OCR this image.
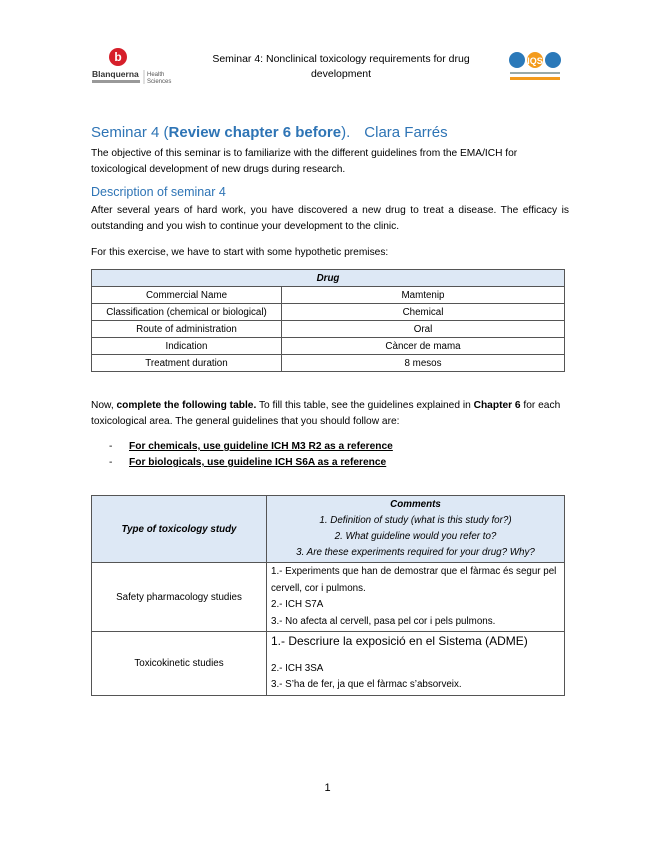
b
Blanquerna Health
Sciences
Seminar 4: Nonclinical toxicology requirements for drug development
IQS
Seminar 4 (Review chapter 6 before). Clara Farrés
The objective of this seminar is to familiarize with the different guidelines from the EMA/ICH for toxicological development of new drugs during research.
Description of seminar 4
After several years of hard work, you have discovered a new drug to treat a disease. The efficacy is outstanding and you wish to continue your development to the clinic.
For this exercise, we have to start with some hypothetic premises:
Drug	
Commercial Name	Mamtenip
Classification (chemical or biological)	Chemical
Route of administration	Oral
Indication	Càncer de mama
Treatment duration	8 mesos
Now, complete the following table. To fill this table, see the guidelines explained in Chapter 6 for each toxicological area. The general guidelines that you should follow are:
- For chemicals, use guideline ICH M3 R2 as a reference
- For biologicals, use guideline ICH S6A as a reference
Type of toxicology study	Comments
1. Definition of study (what is this study for?)
2. What guideline would you refer to?
3. Are these experiments required for your drug? Why?

Safety pharmacology studies	1.- Experiments que han de demostrar que el fàrmac és segur pel cervell, cor i pulmons.
2.- ICH S7A
3.- No afecta al cervell, pasa pel cor i pels pulmons.

Toxicokinetic studies	1.- Descriure la exposició en el Sistema (ADME)
2.- ICH 3SA
3.- S’ha de fer, ja que el fàrmac s’absorveix.
1
